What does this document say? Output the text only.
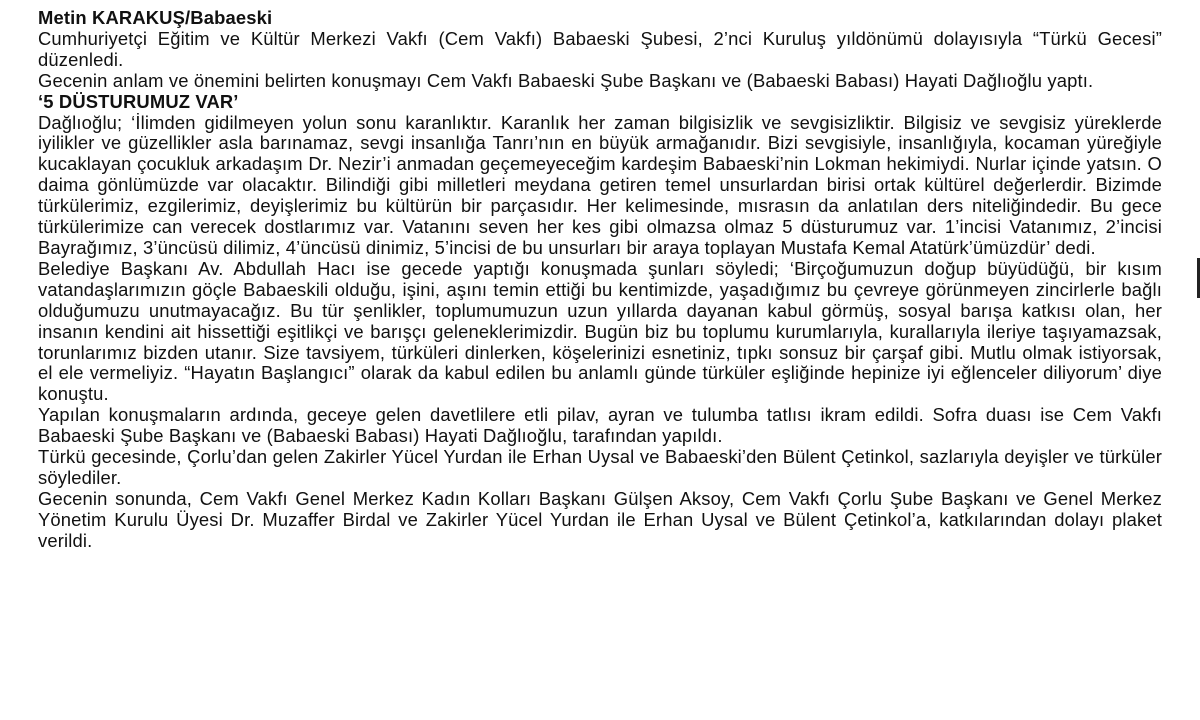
Metin KARAKUŞ/Babaeski

Cumhuriyetçi Eğitim ve Kültür Merkezi Vakfı (Cem Vakfı) Babaeski Şubesi, 2’nci Kuruluş yıldönümü dolayısıyla “Türkü Gecesi” düzenledi.

Gecenin anlam ve önemini belirten konuşmayı Cem Vakfı Babaeski Şube Başkanı ve (Babaeski Babası) Hayati Dağlıoğlu yaptı.

‘5 DÜSTURUMUZ VAR’

Dağlıoğlu; ‘İlimden gidilmeyen yolun sonu karanlıktır. Karanlık her zaman bilgisizlik ve sevgisizliktir. Bilgisiz ve sevgisiz yüreklerde iyilikler ve güzellikler asla barınamaz, sevgi insanlığa Tanrı’nın en büyük armağanıdır. Bizi sevgisiyle, insanlığıyla, kocaman yüreğiyle kucaklayan çocukluk arkadaşım Dr. Nezir’i anmadan geçemeyeceğim kardeşim Babaeski’nin Lokman hekimiydi. Nurlar içinde yatsın. O daima gönlümüzde var olacaktır. Bilindiği gibi milletleri meydana getiren temel unsurlardan birisi ortak kültürel değerlerdir. Bizimde türkülerimiz, ezgilerimiz, deyişlerimiz bu kültürün bir parçasıdır. Her kelimesinde, mısrasın da anlatılan ders niteliğindedir. Bu gece türkülerimize can verecek dostlarımız var. Vatanını seven her kes gibi olmazsa olmaz 5 düsturumuz var. 1’incisi Vatanımız, 2’incisi Bayrağımız, 3’üncüsü dilimiz, 4’üncüsü dinimiz, 5’incisi de bu unsurları bir araya toplayan Mustafa Kemal Atatürk’ümüzdür’ dedi.

Belediye Başkanı Av. Abdullah Hacı ise gecede yaptığı konuşmada şunları söyledi; ‘Birçoğumuzun doğup büyüdüğü, bir kısım vatandaşlarımızın göçle Babaeskili olduğu, işini, aşını temin ettiği bu kentimizde, yaşadığımız bu çevreye görünmeyen zincirlerle bağlı olduğumuzu unutmayacağız. Bu tür şenlikler, toplumumuzun uzun yıllarda dayanan kabul görmüş, sosyal barışa katkısı olan, her insanın kendini ait hissettiği eşitlikçi ve barışçı geleneklerimizdir. Bugün biz bu toplumu kurumlarıyla, kurallarıyla ileriye taşıyamazsak, torunlarımız bizden utanır. Size tavsiyem, türküleri dinlerken, köşelerinizi esnetiniz, tıpkı sonsuz bir çarşaf gibi. Mutlu olmak istiyorsak, el ele vermeliyiz. “Hayatın Başlangıcı” olarak da kabul edilen bu anlamlı günde türküler eşliğinde hepinize iyi eğlenceler diliyorum’ diye konuştu.

Yapılan konuşmaların ardında, geceye gelen davetlilere etli pilav, ayran ve tulumba tatlısı ikram edildi. Sofra duası ise Cem Vakfı Babaeski Şube Başkanı ve (Babaeski Babası) Hayati Dağlıoğlu, tarafından yapıldı.

Türkü gecesinde, Çorlu’dan gelen Zakirler Yücel Yurdan ile Erhan Uysal ve Babaeski’den Bülent Çetinkol, sazlarıyla deyişler ve türküler söylediler.

Gecenin sonunda, Cem Vakfı Genel Merkez Kadın Kolları Başkanı Gülşen Aksoy, Cem Vakfı Çorlu Şube Başkanı ve Genel Merkez Yönetim Kurulu Üyesi Dr. Muzaffer Birdal ve Zakirler Yücel Yurdan ile Erhan Uysal ve Bülent Çetinkol’a, katkılarından dolayı plaket verildi.
